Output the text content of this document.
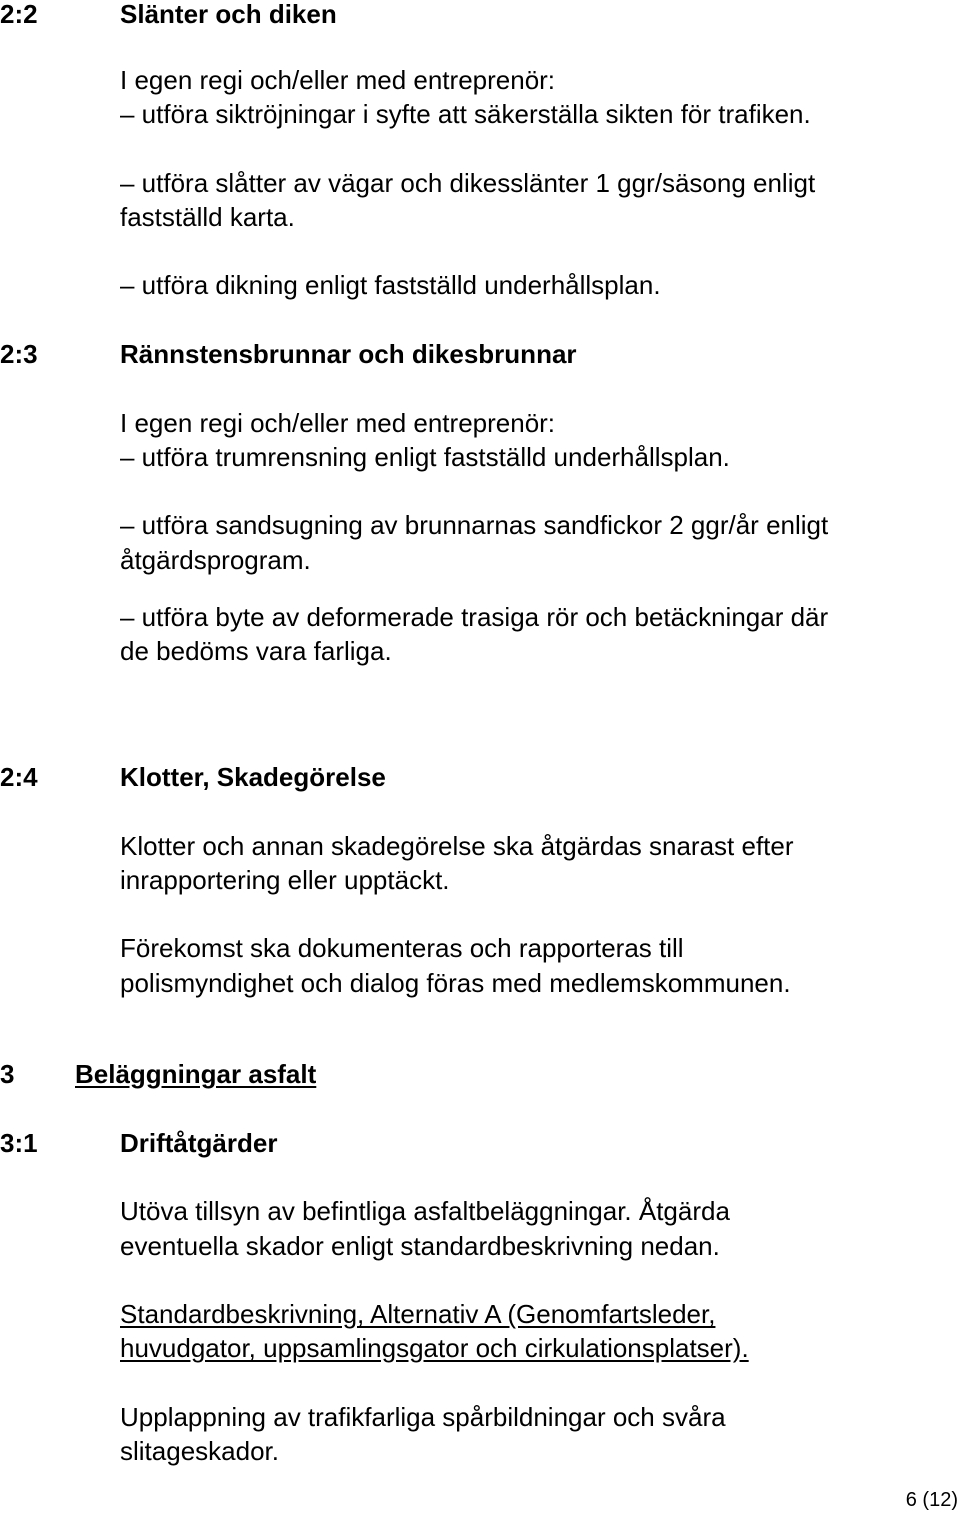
2:2	Slänter och diken
I egen regi och/eller med entreprenör:
– utföra siktröjningar i syfte att säkerställa sikten för trafiken.
– utföra slåtter av vägar och dikesslänter 1 ggr/säsong enligt
fastställd karta.
– utföra dikning enligt fastställd underhållsplan.
2:3	Rännstensbrunnar och dikesbrunnar
I egen regi och/eller med entreprenör:
– utföra trumrensning enligt fastställd underhållsplan.
– utföra sandsugning av brunnarnas sandfickor 2 ggr/år enligt
åtgärdsprogram.
– utföra byte av deformerade trasiga rör och betäckningar där
de bedöms vara farliga.
2:4	Klotter, Skadegörelse
Klotter och annan skadegörelse ska åtgärdas snarast efter
inrapportering eller upptäckt.
Förekomst ska dokumenteras och rapporteras till
polismyndighet och dialog föras med medlemskommunen.
3 Beläggningar asfalt
3:1	Driftåtgärder
Utöva tillsyn av befintliga asfaltbeläggningar. Åtgärda
eventuella skador enligt standardbeskrivning nedan.
Standardbeskrivning, Alternativ A (Genomfartsleder,
huvudgator, uppsamlingsgator och cirkulationsplatser).
Upplappning av trafikfarliga spårbildningar och svåra
slitageskador.
6 (12)
